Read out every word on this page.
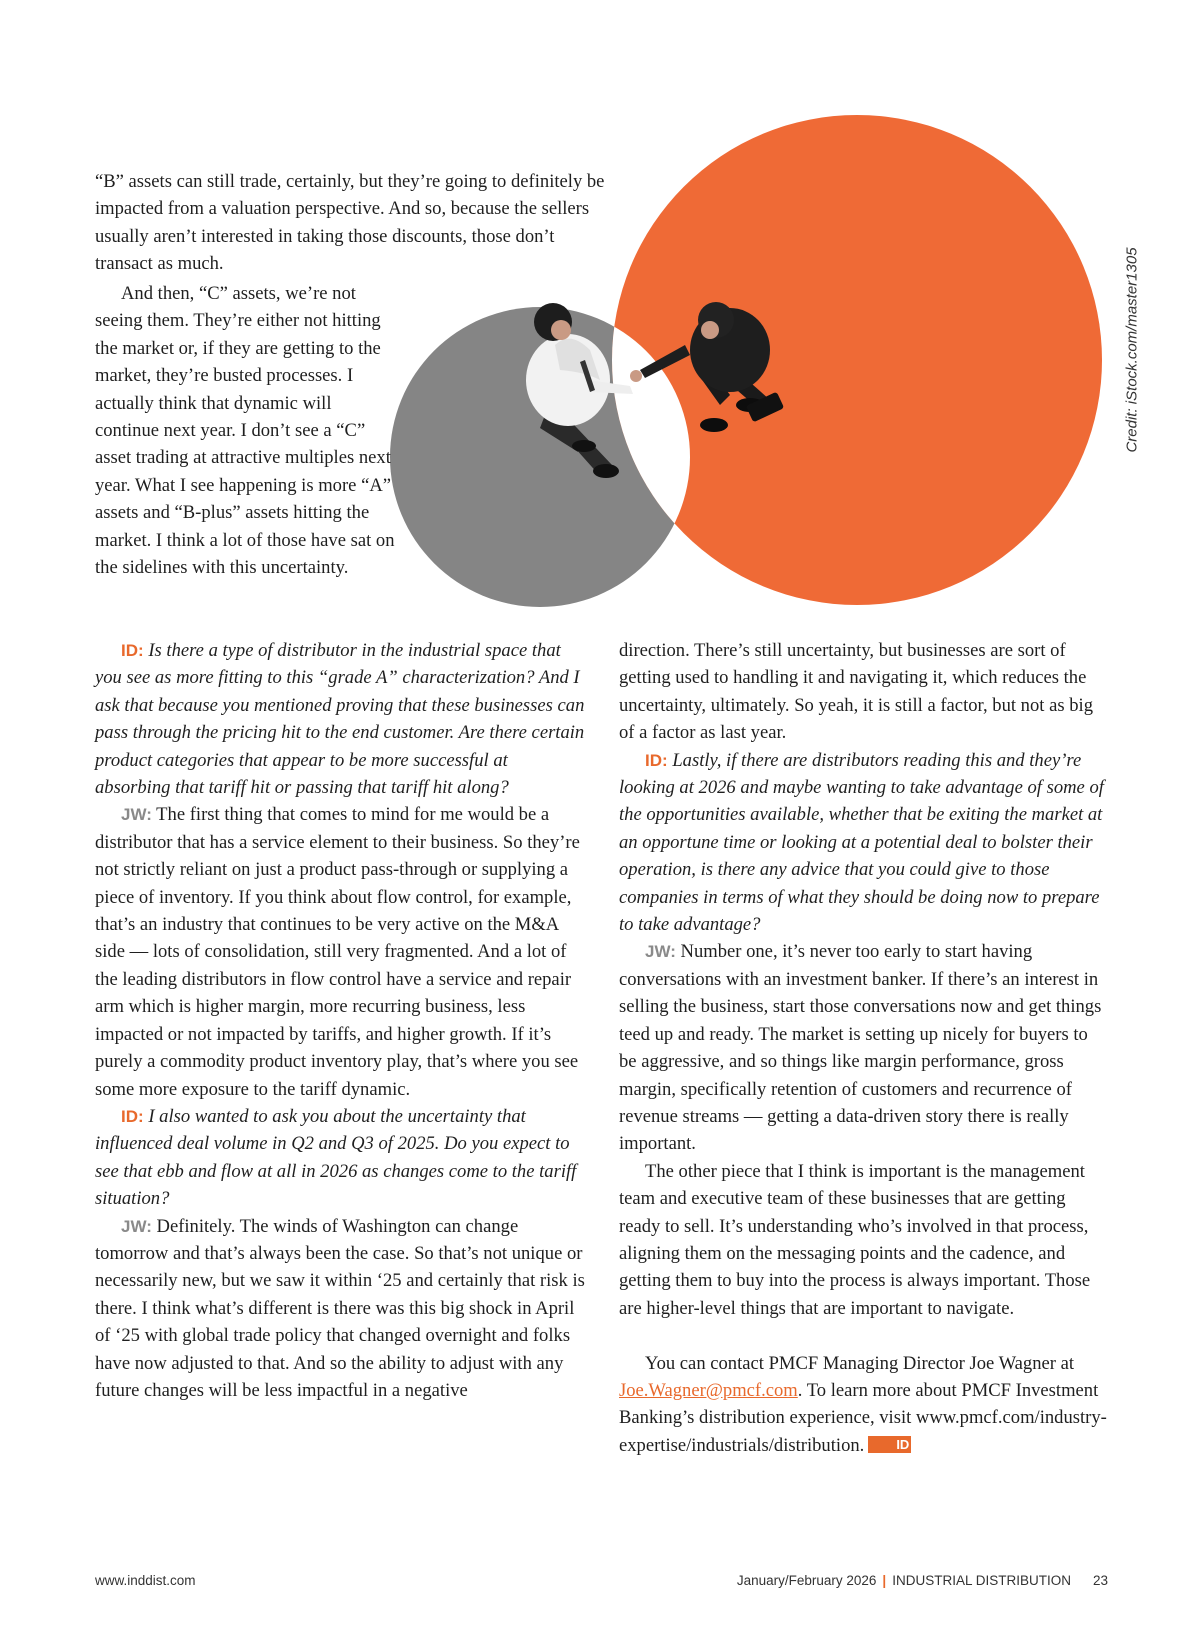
Credit: iStock.com/master1305

“B” assets can still trade, certainly, but they’re going to definitely be impacted from a valuation perspective. And so, because the sellers usually aren’t interested in taking those discounts, those don’t transact as much.

And then, “C” assets, we’re not seeing them. They’re either not hitting the market or, if they are getting to the market, they’re busted processes. I actually think that dynamic will continue next year. I don’t see a “C” asset trading at attractive multiples next year. What I see happening is more “A” assets and “B-plus” assets hitting the market. I think a lot of those have sat on the sidelines with this uncertainty.

ID: Is there a type of distributor in the industrial space that you see as more fitting to this “grade A” characterization? And I ask that because you mentioned proving that these businesses can pass through the pricing hit to the end customer. Are there certain product categories that appear to be more successful at absorbing that tariff hit or passing that tariff hit along?

JW: The first thing that comes to mind for me would be a distributor that has a service element to their business. So they’re not strictly reliant on just a product pass-through or supplying a piece of inventory. If you think about flow control, for example, that’s an industry that continues to be very active on the M&A side — lots of consolidation, still very fragmented. And a lot of the leading distributors in flow control have a service and repair arm which is higher margin, more recurring business, less impacted or not impacted by tariffs, and higher growth. If it’s purely a commodity product inventory play, that’s where you see some more exposure to the tariff dynamic.

ID: I also wanted to ask you about the uncertainty that influenced deal volume in Q2 and Q3 of 2025. Do you expect to see that ebb and flow at all in 2026 as changes come to the tariff situation?

JW: Definitely. The winds of Washington can change tomorrow and that’s always been the case. So that’s not unique or necessarily new, but we saw it within ‘25 and certainly that risk is there. I think what’s different is there was this big shock in April of ‘25 with global trade policy that changed overnight and folks have now adjusted to that. And so the ability to adjust with any future changes will be less impactful in a negative

direction. There’s still uncertainty, but businesses are sort of getting used to handling it and navigating it, which reduces the uncertainty, ultimately. So yeah, it is still a factor, but not as big of a factor as last year.

ID: Lastly, if there are distributors reading this and they’re looking at 2026 and maybe wanting to take advantage of some of the opportunities available, whether that be exiting the market at an opportune time or looking at a potential deal to bolster their operation, is there any advice that you could give to those companies in terms of what they should be doing now to prepare to take advantage?

JW: Number one, it’s never too early to start having conversations with an investment banker. If there’s an interest in selling the business, start those conversations now and get things teed up and ready. The market is setting up nicely for buyers to be aggressive, and so things like margin performance, gross margin, specifically retention of customers and recurrence of revenue streams — getting a data-driven story there is really important.

The other piece that I think is important is the management team and executive team of these businesses that are getting ready to sell. It’s understanding who’s involved in that process, aligning them on the messaging points and the cadence, and getting them to buy into the process is always important. Those are higher-level things that are important to navigate.

You can contact PMCF Managing Director Joe Wagner at Joe.Wagner@pmcf.com. To learn more about PMCF Investment Banking’s distribution experience, visit www.pmcf.com/industry-expertise/industrials/distribution. ID

www.inddist.com	January/February 2026 | INDUSTRIAL DISTRIBUTION 23
